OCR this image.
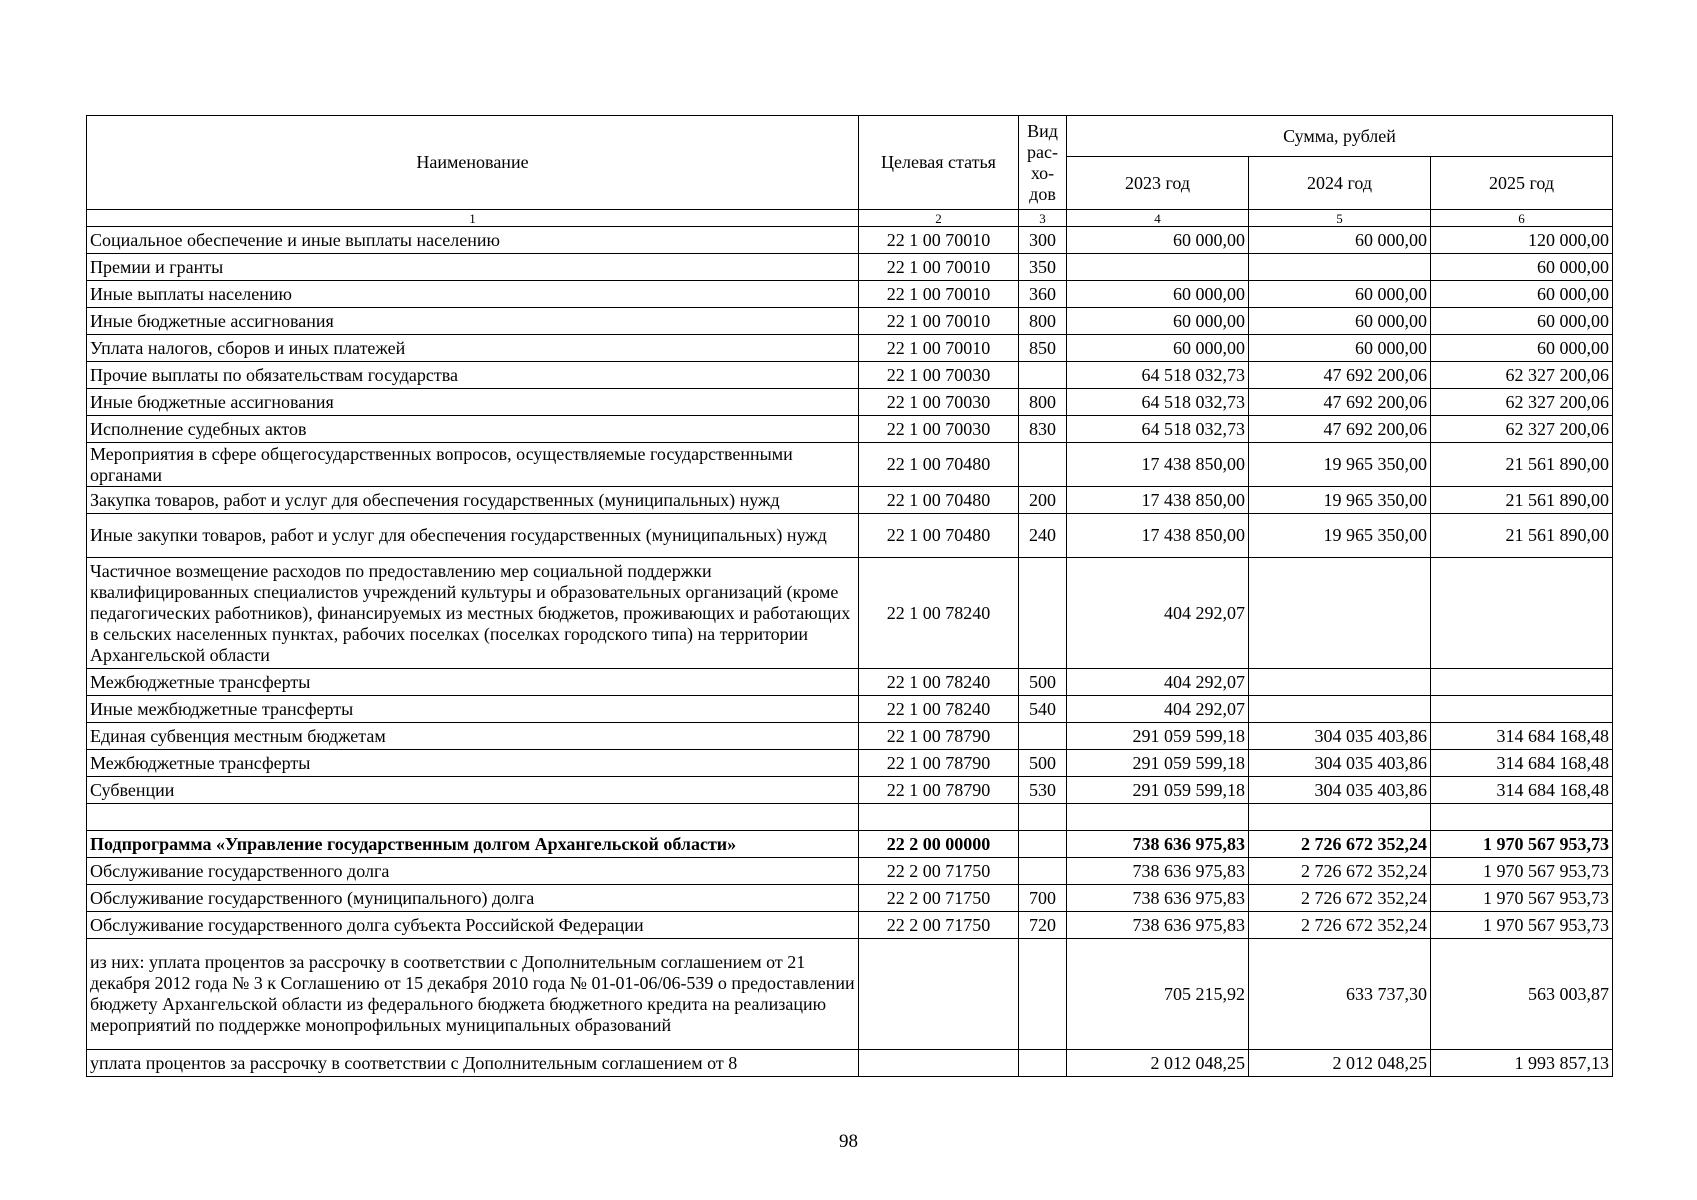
Наименование	Целевая статья	Вид рас-хо-дов	Сумма, рублей		
			2023 год	2024 год	2025 год
1	2	3	4	5	6
Социальное обеспечение и иные выплаты населению	22 1 00 70010	300	60 000,00	60 000,00	120 000,00
Премии и гранты	22 1 00 70010	350			60 000,00
Иные выплаты населению	22 1 00 70010	360	60 000,00	60 000,00	60 000,00
Иные бюджетные ассигнования	22 1 00 70010	800	60 000,00	60 000,00	60 000,00
Уплата налогов, сборов и иных платежей	22 1 00 70010	850	60 000,00	60 000,00	60 000,00
Прочие выплаты по обязательствам государства	22 1 00 70030		64 518 032,73	47 692 200,06	62 327 200,06
Иные бюджетные ассигнования	22 1 00 70030	800	64 518 032,73	47 692 200,06	62 327 200,06
Исполнение судебных актов	22 1 00 70030	830	64 518 032,73	47 692 200,06	62 327 200,06
Мероприятия в сфере общегосударственных вопросов, осуществляемые государственными органами	22 1 00 70480		17 438 850,00	19 965 350,00	21 561 890,00
Закупка товаров, работ и услуг для обеспечения государственных (муниципальных) нужд	22 1 00 70480	200	17 438 850,00	19 965 350,00	21 561 890,00
Иные закупки товаров, работ и услуг для обеспечения государственных (муниципальных) нужд	22 1 00 70480	240	17 438 850,00	19 965 350,00	21 561 890,00
Частичное возмещение расходов по предоставлению мер социальной поддержки квалифицированных специалистов учреждений культуры и образовательных организаций (кроме педагогических работников), финансируемых из местных бюджетов, проживающих и работающих в сельских населенных пунктах, рабочих поселках (поселках городского типа) на территории Архангельской области	22 1 00 78240		404 292,07		
Межбюджетные трансферты	22 1 00 78240	500	404 292,07		
Иные межбюджетные трансферты	22 1 00 78240	540	404 292,07		
Единая субвенция местным бюджетам	22 1 00 78790		291 059 599,18	304 035 403,86	314 684 168,48
Межбюджетные трансферты	22 1 00 78790	500	291 059 599,18	304 035 403,86	314 684 168,48
Субвенции	22 1 00 78790	530	291 059 599,18	304 035 403,86	314 684 168,48

Подпрограмма «Управление государственным долгом Архангельской области»	22 2 00 00000		738 636 975,83	2 726 672 352,24	1 970 567 953,73
Обслуживание государственного долга	22 2 00 71750		738 636 975,83	2 726 672 352,24	1 970 567 953,73
Обслуживание государственного (муниципального) долга	22 2 00 71750	700	738 636 975,83	2 726 672 352,24	1 970 567 953,73
Обслуживание государственного долга субъекта Российской Федерации	22 2 00 71750	720	738 636 975,83	2 726 672 352,24	1 970 567 953,73
из них: уплата процентов за рассрочку в соответствии с Дополнительным соглашением от 21 декабря 2012 года № 3 к Соглашению от 15 декабря 2010 года № 01-01-06/06-539 о предоставлении бюджету Архангельской области из федерального бюджета бюджетного кредита на реализацию мероприятий по поддержке монопрофильных муниципальных образований			705 215,92	633 737,30	563 003,87
уплата процентов за рассрочку в соответствии с Дополнительным соглашением от 8			2 012 048,25	2 012 048,25	1 993 857,13
98
